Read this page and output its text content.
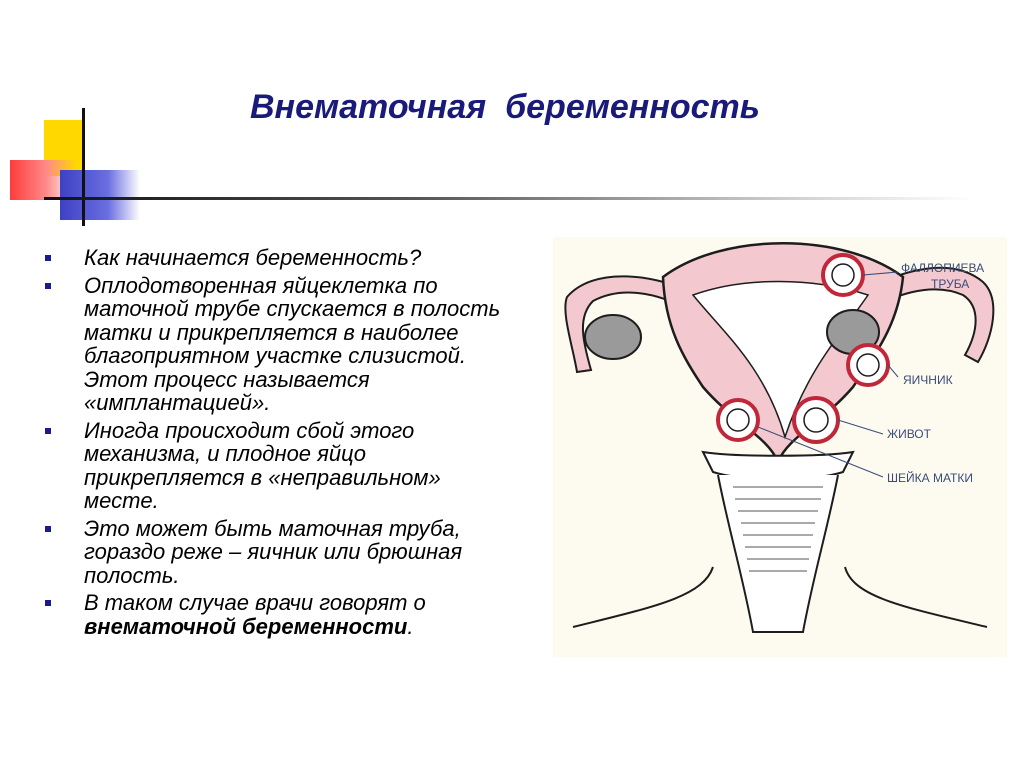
Внематочная  беременность
Как начинается беременность?
Оплодотворенная яйцеклетка по маточной трубе спускается в полость матки и прикрепляется в наиболее благоприятном участке слизистой. Этот процесс называется «имплантацией».
Иногда происходит сбой этого механизма, и плодное яйцо прикрепляется в «неправильном» месте.
Это может быть маточная труба, гораздо реже – яичник или брюшная полость.
В таком случае врачи говорят о внематочной беременности.
ФАЛЛОПИЕВА
ТРУБА
ЯИЧНИК
ЖИВОТ
ШЕЙКА МАТКИ
